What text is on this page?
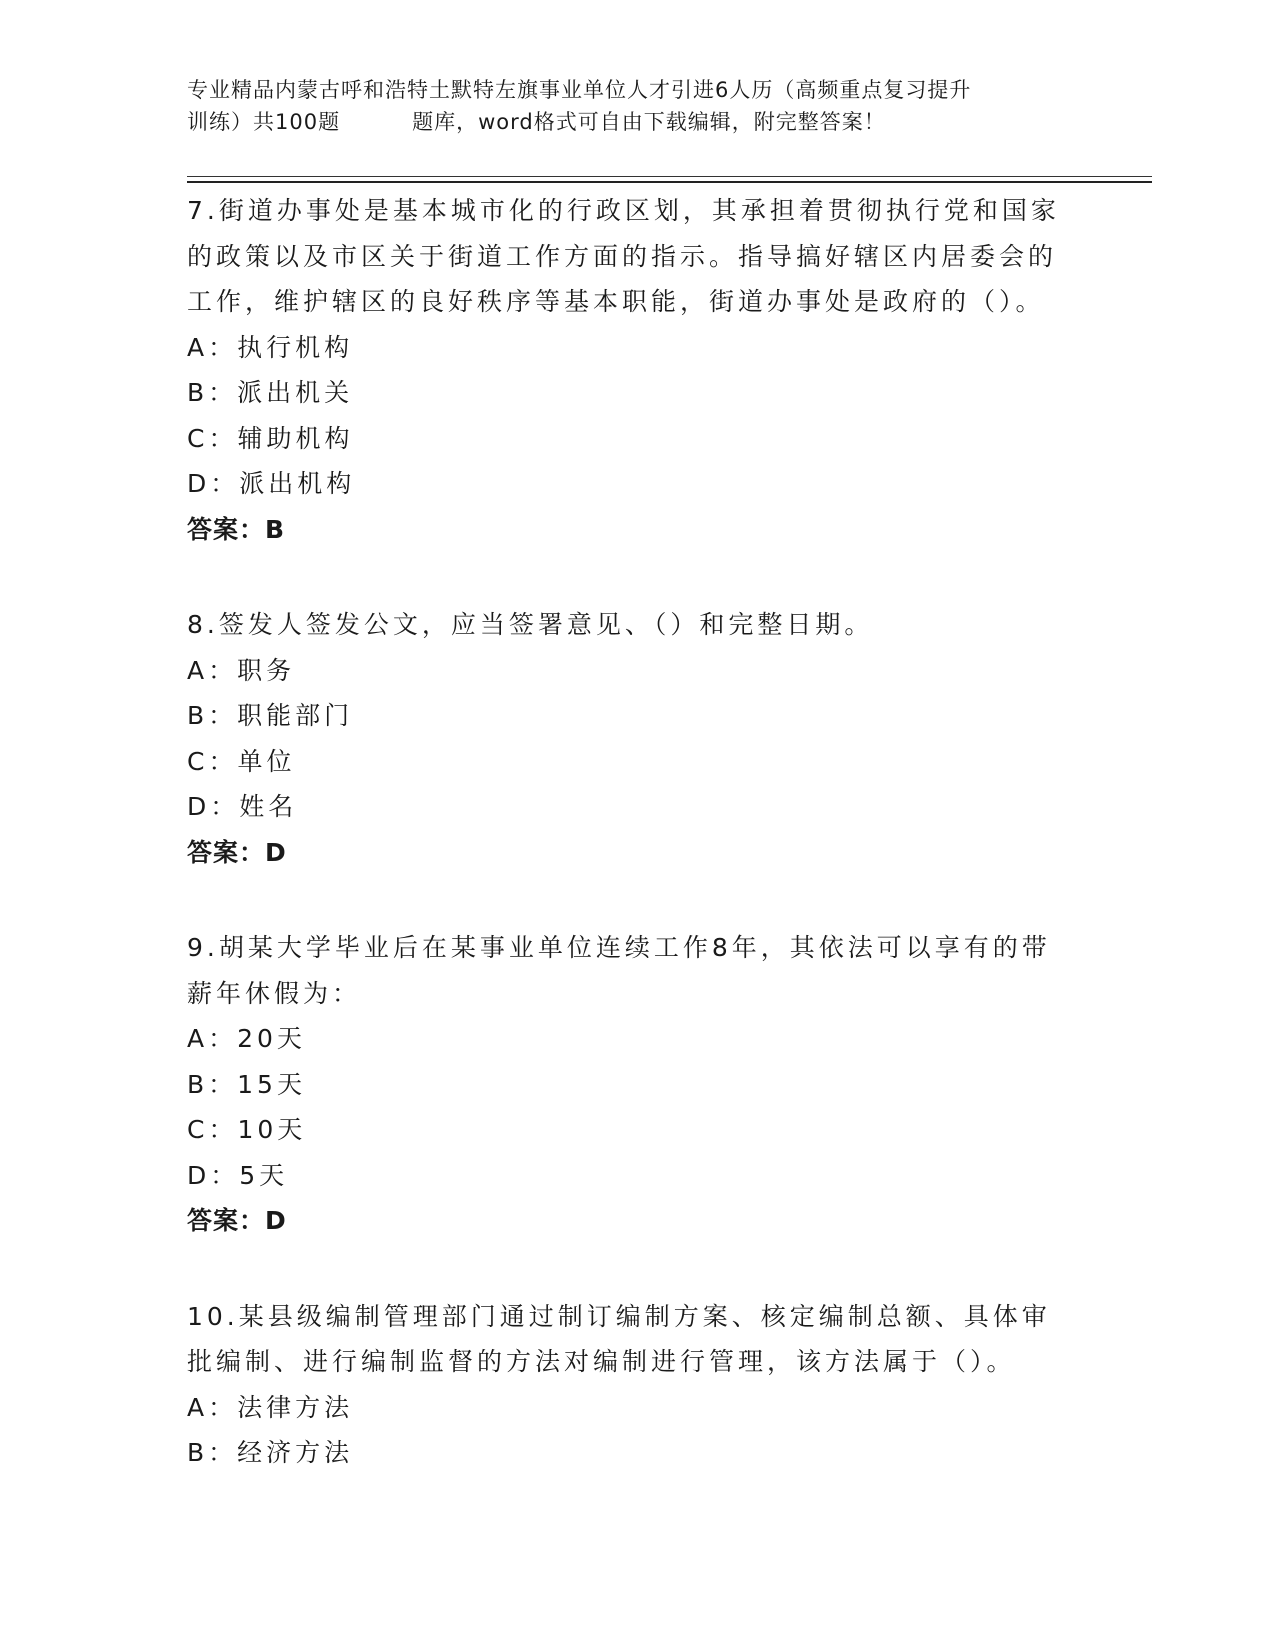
专业精品内蒙古呼和浩特土默特左旗事业单位人才引进6人历（高频重点复习提升
训练）共100题	题库，word格式可自由下载编辑，附完整答案！

7.街道办事处是基本城市化的行政区划，其承担着贯彻执行党和国家的政策以及市区关于街道工作方面的指示。指导搞好辖区内居委会的工作，维护辖区的良好秩序等基本职能，街道办事处是政府的（）。

A：执行机构

B：派出机关

C：辅助机构

D：派出机构

答案：B

8.签发人签发公文，应当签署意见、（）和完整日期。

A：职务

B：职能部门

C：单位

D：姓名

答案：D

9.胡某大学毕业后在某事业单位连续工作8年，其依法可以享有的带薪年休假为：

A：20天

B：15天

C：10天

D：5天

答案：D

10.某县级编制管理部门通过制订编制方案、核定编制总额、具体审批编制、进行编制监督的方法对编制进行管理，该方法属于（）。

A：法律方法

B：经济方法
